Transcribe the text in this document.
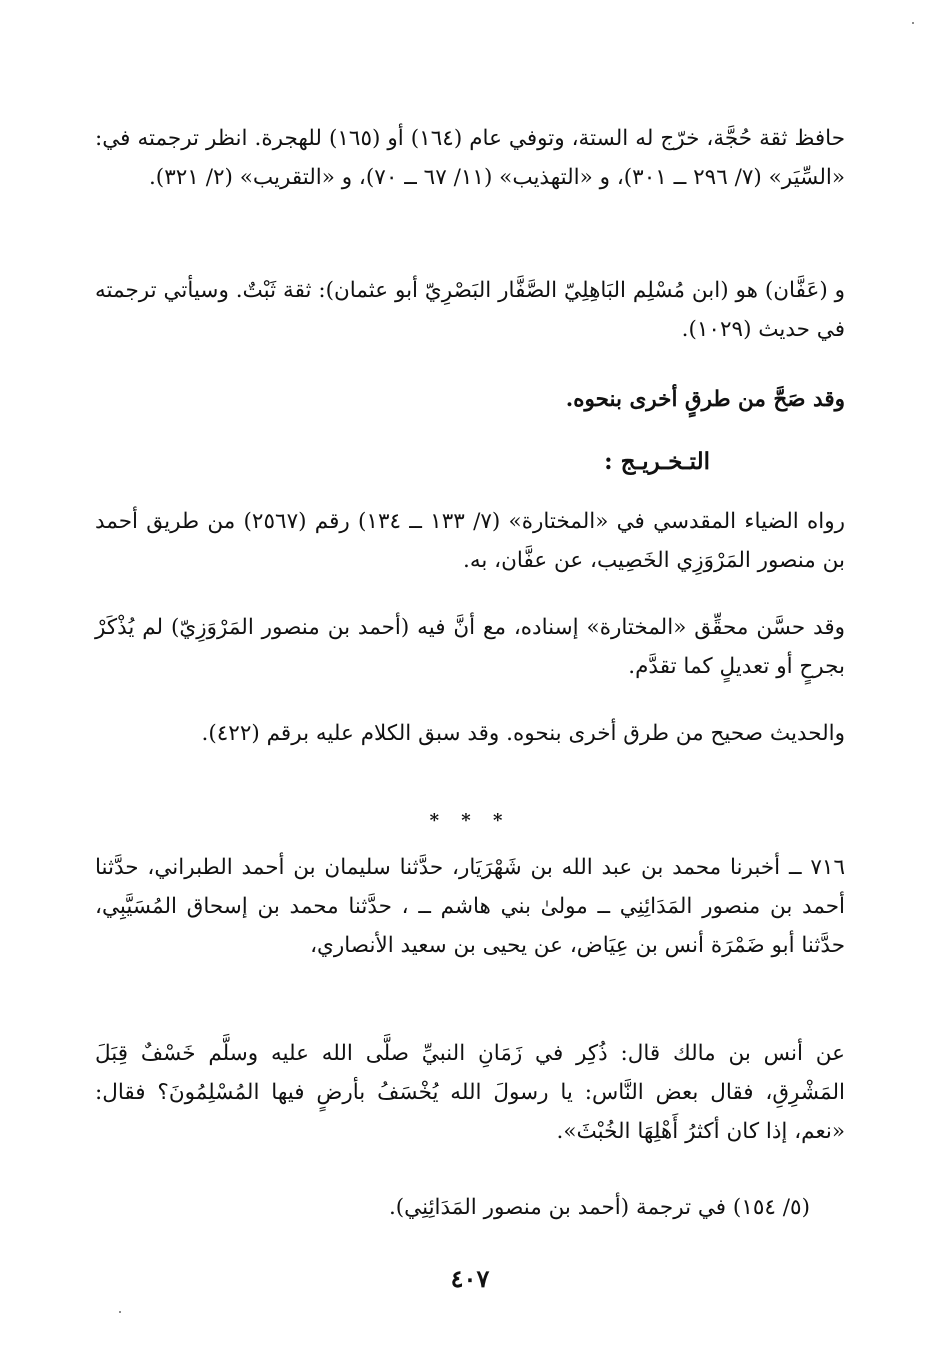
حافظ ثقة حُجَّة، خرّج له الستة، وتوفي عام (١٦٤) أو (١٦٥) للهجرة. انظر ترجمته في: «السِّيَر» (٧/ ٢٩٦ ــ ٣٠١)، و «التهذيب» (١١/ ٦٧ ــ ٧٠)، و «التقريب» (٢/ ٣٢١).

و (عَفَّان) هو (ابن مُسْلِم البَاهِلِيّ الصَّفَّار البَصْرِيّ أبو عثمان): ثقة ثَبْتٌ. وسيأتي ترجمته في حديث (١٠٢٩).

وقد صَحَّ من طرقٍ أخرى بنحوه.

التـخـريـج :

رواه الضياء المقدسي في «المختارة» (٧/ ١٣٣ ــ ١٣٤) رقم (٢٥٦٧) من طريق أحمد بن منصور المَرْوَزِي الخَصِيب، عن عفَّان، به.

وقد حسَّن محقِّق «المختارة» إسناده، مع أنَّ فيه (أحمد بن منصور المَرْوَزِيّ) لم يُذْكَرْ بجرحٍ أو تعديلٍ كما تقدَّم.

والحديث صحيح من طرق أخرى بنحوه. وقد سبق الكلام عليه برقم (٤٢٢).

* * *

٧١٦ ــ أخبرنا محمد بن عبد الله بن شَهْرَيَار، حدَّثنا سليمان بن أحمد الطبراني، حدَّثنا أحمد بن منصور المَدَائِنِي ــ مولىٰ بني هاشم ــ ، حدَّثنا محمد بن إسحاق المُسَيَّبِي، حدَّثنا أبو ضَمْرَة أنس بن عِيَاض، عن يحيى بن سعيد الأنصاري،

عن أنس بن مالك قال: ذُكِر في زَمَانِ النبيِّ صلَّى الله عليه وسلَّم خَسْفٌ قِبَلَ المَشْرِقِ، فقال بعض النَّاس: يا رسولَ الله يُخْسَفُ بأرضٍ فيها المُسْلِمُونَ؟ فقال: «نعم، إذا كان أكثرُ أَهْلِهَا الخُبْثَ».

(٥/ ١٥٤) في ترجمة (أحمد بن منصور المَدَائِنِي).

٤٠٧
